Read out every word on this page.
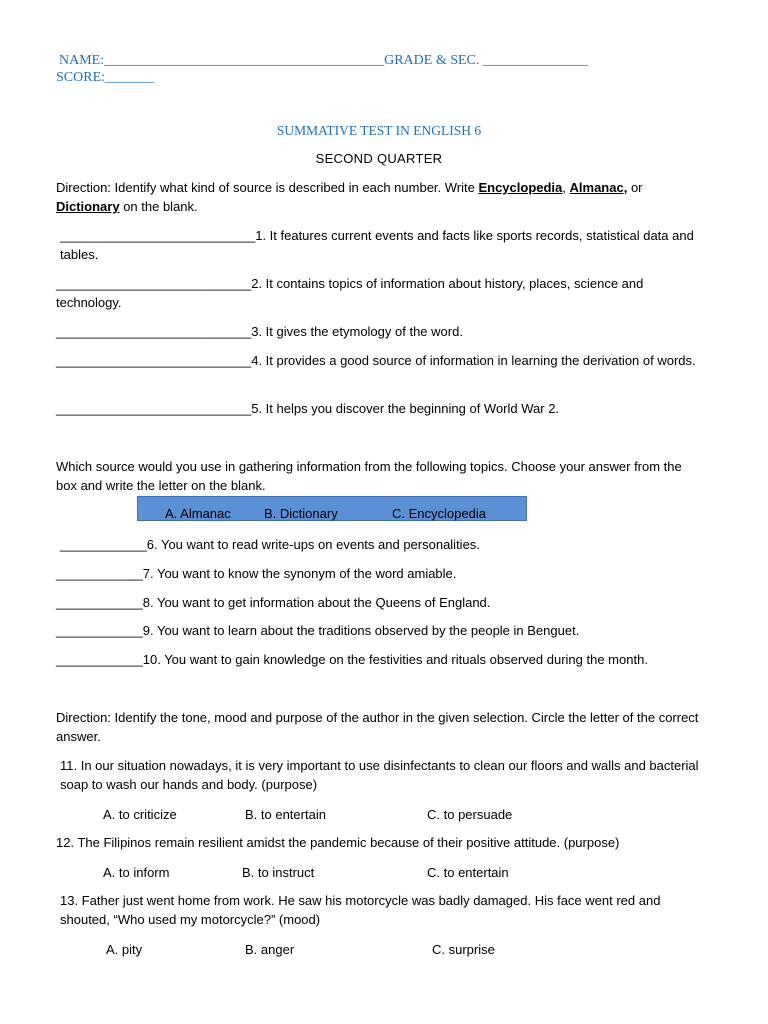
NAME:________________________________________GRADE & SEC. _______________
SCORE:_______
SUMMATIVE TEST IN ENGLISH 6
SECOND QUARTER
Direction: Identify what kind of source is described in each number. Write Encyclopedia, Almanac, or Dictionary on the blank.
___________________________1. It features current events and facts like sports records, statistical data and tables.
___________________________2. It contains topics of information about history, places, science and technology.
___________________________3. It gives the etymology of the word.
___________________________4. It provides a good source of information in learning the derivation of words.
___________________________5. It helps you discover the beginning of World War 2.
Which source would you use in gathering information from the following topics. Choose your answer from the box and write the letter on the blank.
A. Almanac	B. Dictionary	C. Encyclopedia
____________6. You want to read write-ups on events and personalities.
____________7. You want to know the synonym of the word amiable.
____________8. You want to get information about the Queens of England.
____________9. You want to learn about the traditions observed by the people in Benguet.
____________10. You want to gain knowledge on the festivities and rituals observed during the month.
Direction: Identify the tone, mood and purpose of the author in the given selection. Circle the letter of the correct answer.
11. In our situation nowadays, it is very important to use disinfectants to clean our floors and walls and bacterial soap to wash our hands and body. (purpose)
A. to criticize	B. to entertain	C. to persuade
12. The Filipinos remain resilient amidst the pandemic because of their positive attitude. (purpose)
A. to inform	B. to instruct	C. to entertain
13. Father just went home from work. He saw his motorcycle was badly damaged. His face went red and shouted, “Who used my motorcycle?” (mood)
A. pity	B. anger	C. surprise
